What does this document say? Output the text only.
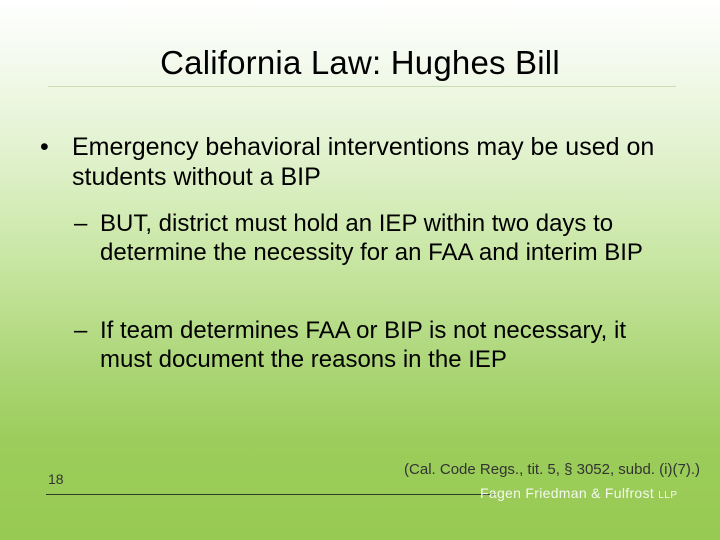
California Law: Hughes Bill
• Emergency behavioral interventions may be used on students without a BIP
– BUT, district must hold an IEP within two days to determine the necessity for an FAA and interim BIP
– If team determines FAA or BIP is not necessary, it must document the reasons in the IEP
(Cal. Code Regs., tit. 5, § 3052, subd. (i)(7).)
18
Fagen Friedman & Fulfrost LLP
